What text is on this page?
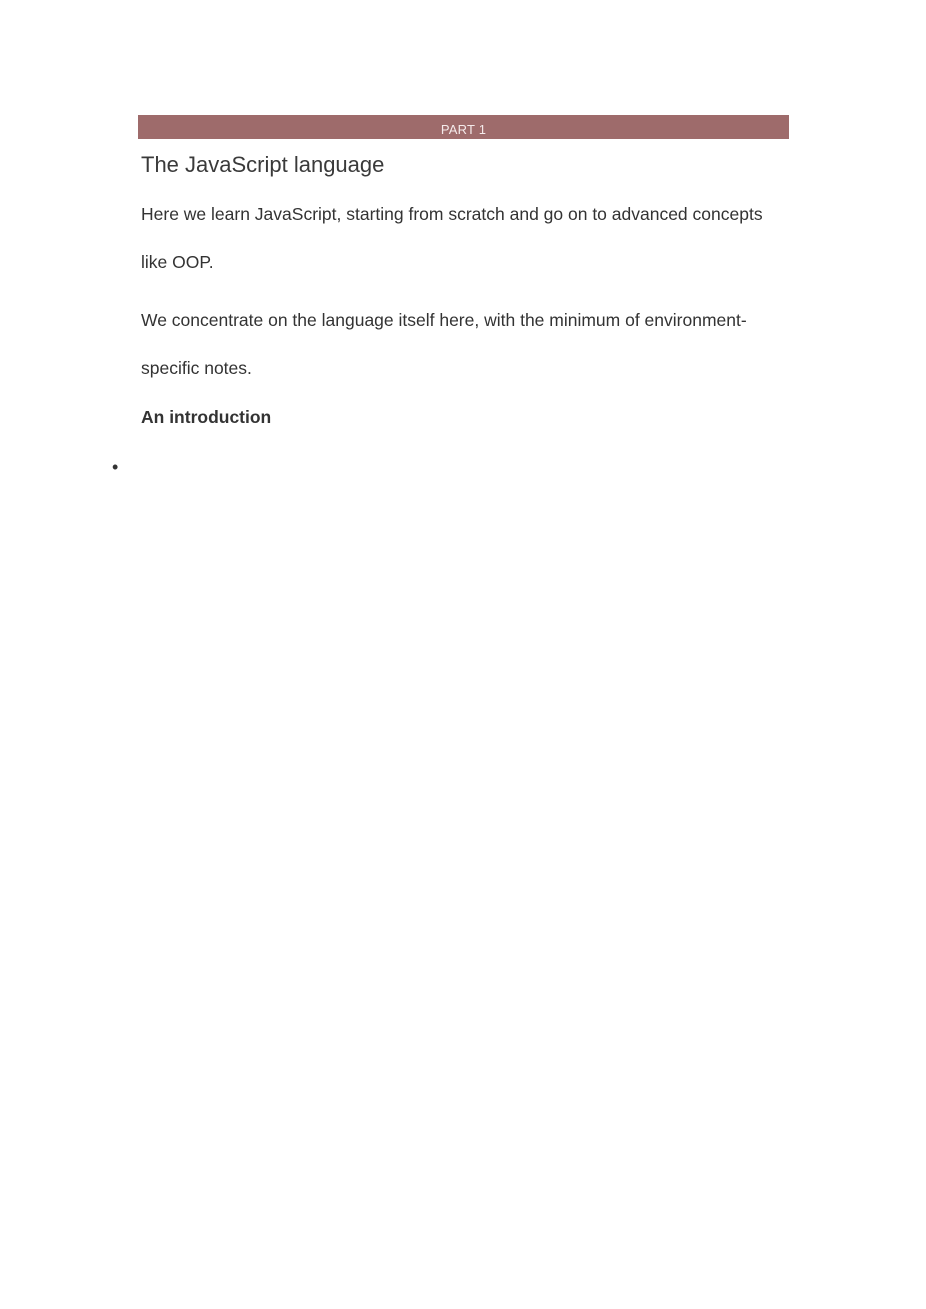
PART 1
The JavaScript language

Here we learn JavaScript, starting from scratch and go on to advanced concepts like OOP.

We concentrate on the language itself here, with the minimum of environment-specific notes.

An introduction
•
